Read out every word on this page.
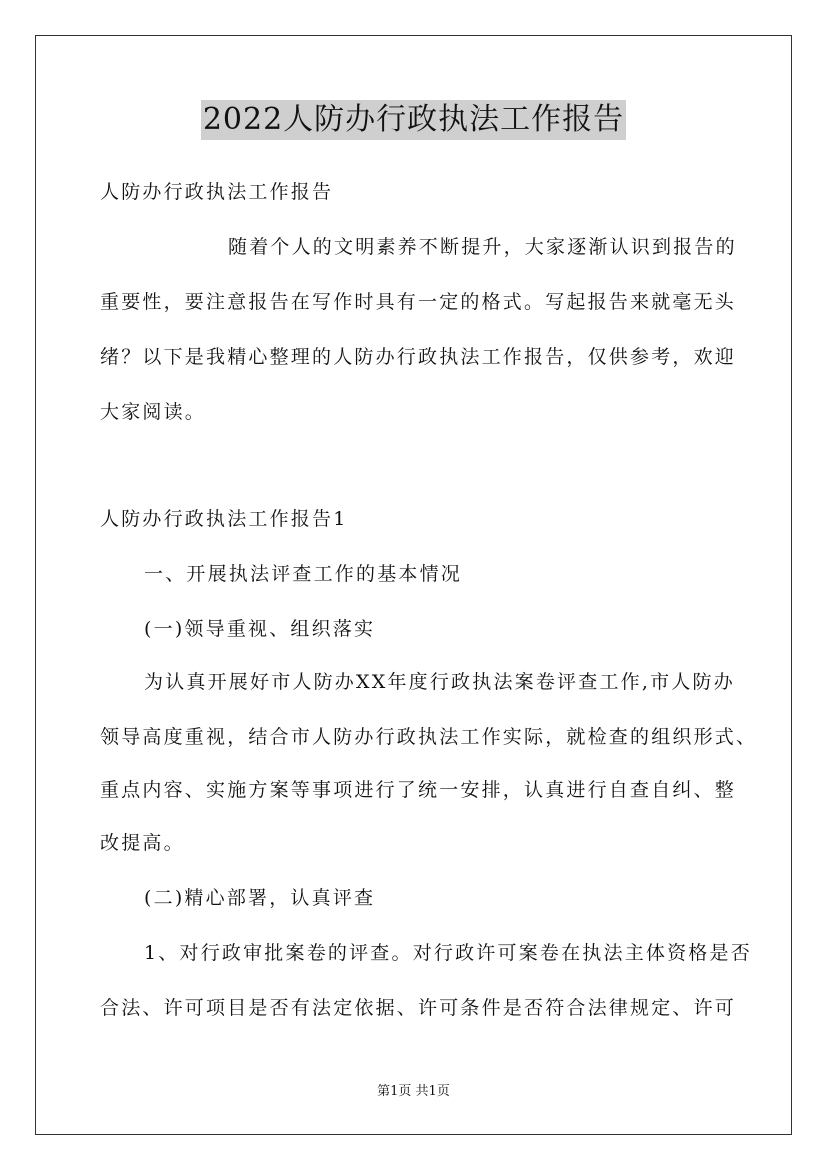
2022人防办行政执法工作报告
人防办行政执法工作报告
随着个人的文明素养不断提升，大家逐渐认识到报告的
重要性，要注意报告在写作时具有一定的格式。写起报告来就毫无头
绪？以下是我精心整理的人防办行政执法工作报告，仅供参考，欢迎
大家阅读。
人防办行政执法工作报告1
一、开展执法评查工作的基本情况
(一)领导重视、组织落实
为认真开展好市人防办XX年度行政执法案卷评查工作,市人防办
领导高度重视，结合市人防办行政执法工作实际，就检查的组织形式、
重点内容、实施方案等事项进行了统一安排，认真进行自查自纠、整
改提高。
(二)精心部署，认真评查
1、对行政审批案卷的评查。对行政许可案卷在执法主体资格是否
合法、许可项目是否有法定依据、许可条件是否符合法律规定、许可
第1页 共1页
